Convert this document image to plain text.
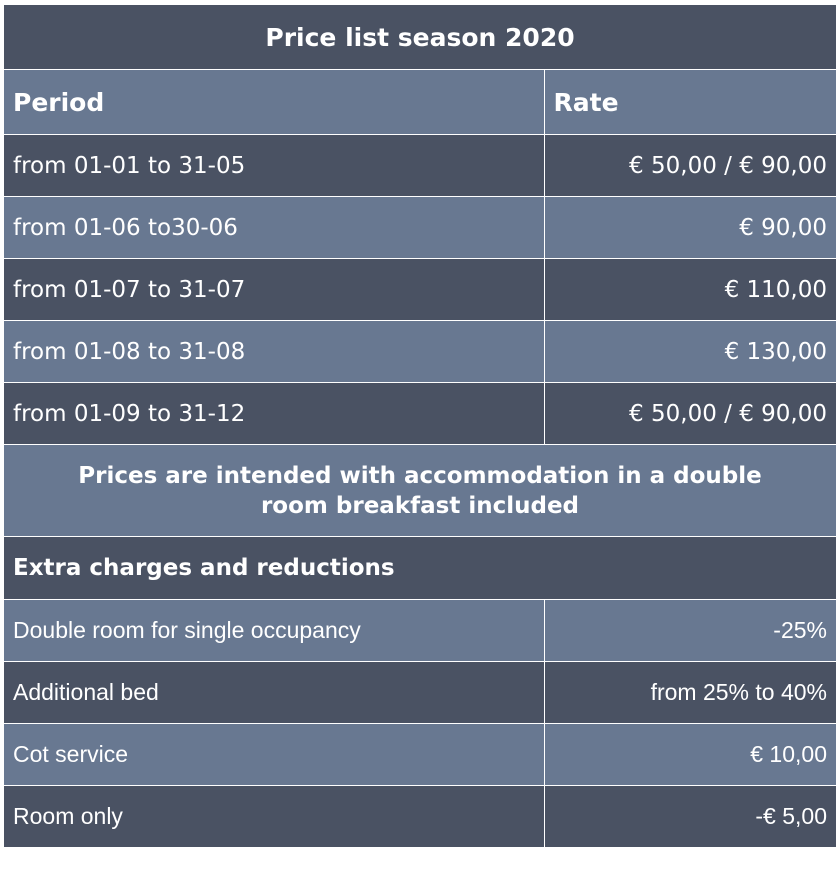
Price list season 2020	
Period	Rate
from 01-01 to 31-05	€ 50,00 / € 90,00
from 01-06 to30-06	€ 90,00
from 01-07 to 31-07	€ 110,00
from 01-08 to 31-08	€ 130,00
from 01-09 to 31-12	€ 50,00 / € 90,00
Prices are intended with accommodation in a double room breakfast included	
Extra charges and reductions	
Double room for single occupancy	-25%
Additional bed	from 25% to 40%
Cot service	€ 10,00
Room only	-€ 5,00
